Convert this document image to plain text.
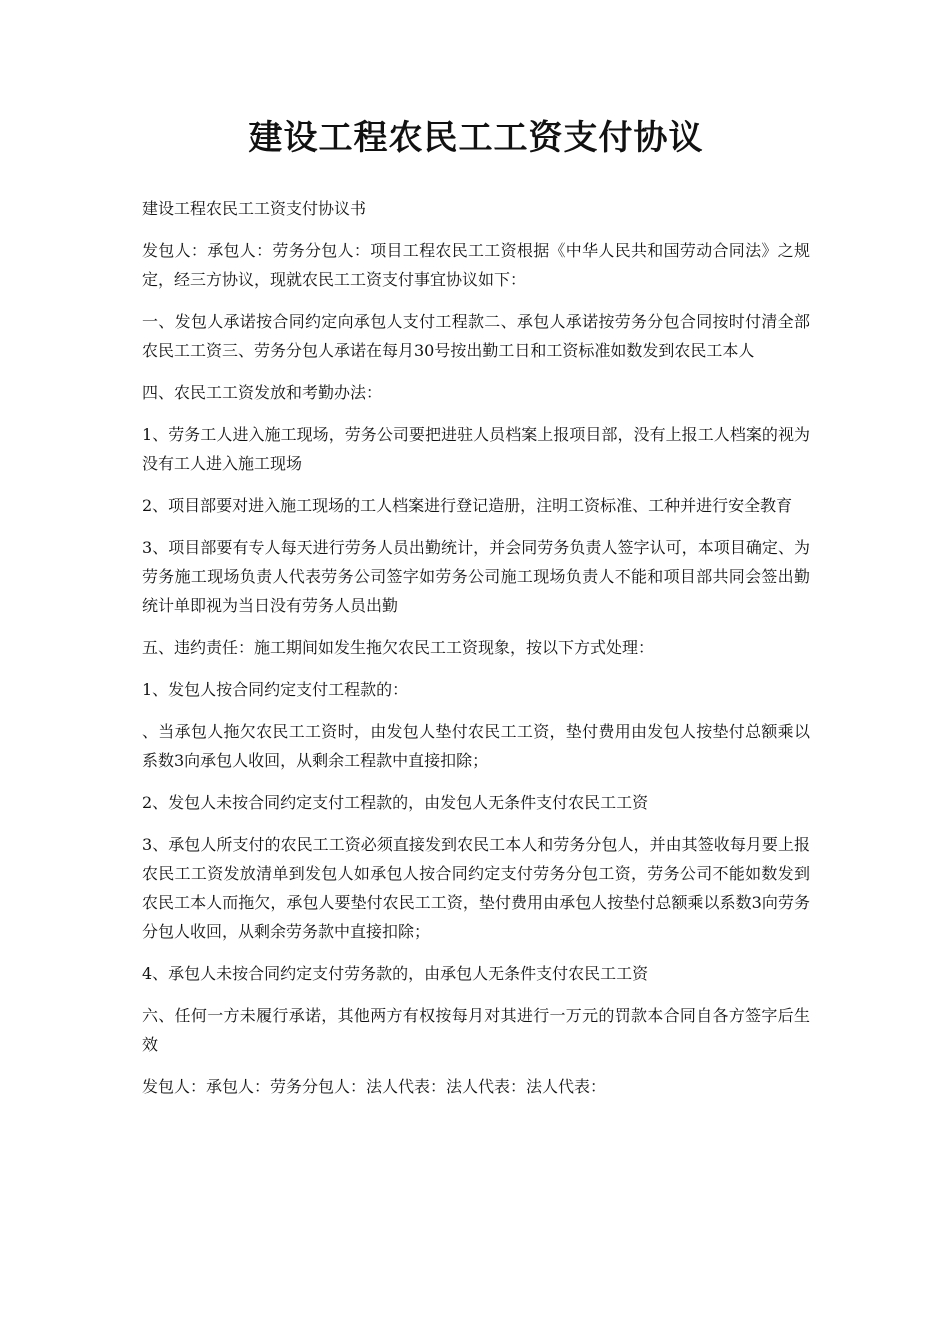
建设工程农民工工资支付协议

建设工程农民工工资支付协议书

发包人：承包人：劳务分包人：项目工程农民工工资根据《中华人民共和国劳动合同法》之规定，经三方协议，现就农民工工资支付事宜协议如下：

一、发包人承诺按合同约定向承包人支付工程款二、承包人承诺按劳务分包合同按时付清全部农民工工资三、劳务分包人承诺在每月30号按出勤工日和工资标准如数发到农民工本人

四、农民工工资发放和考勤办法：

1、劳务工人进入施工现场，劳务公司要把进驻人员档案上报项目部，没有上报工人档案的视为没有工人进入施工现场

2、项目部要对进入施工现场的工人档案进行登记造册，注明工资标准、工种并进行安全教育

3、项目部要有专人每天进行劳务人员出勤统计，并会同劳务负责人签字认可，本项目确定、为劳务施工现场负责人代表劳务公司签字如劳务公司施工现场负责人不能和项目部共同会签出勤统计单即视为当日没有劳务人员出勤

五、违约责任：施工期间如发生拖欠农民工工资现象，按以下方式处理：

1、发包人按合同约定支付工程款的：

、当承包人拖欠农民工工资时，由发包人垫付农民工工资，垫付费用由发包人按垫付总额乘以系数3向承包人收回，从剩余工程款中直接扣除；

2、发包人未按合同约定支付工程款的，由发包人无条件支付农民工工资

3、承包人所支付的农民工工资必须直接发到农民工本人和劳务分包人，并由其签收每月要上报农民工工资发放清单到发包人如承包人按合同约定支付劳务分包工资，劳务公司不能如数发到农民工本人而拖欠，承包人要垫付农民工工资，垫付费用由承包人按垫付总额乘以系数3向劳务分包人收回，从剩余劳务款中直接扣除；

4、承包人未按合同约定支付劳务款的，由承包人无条件支付农民工工资

六、任何一方未履行承诺，其他两方有权按每月对其进行一万元的罚款本合同自各方签字后生效

发包人：承包人：劳务分包人：法人代表：法人代表：法人代表：
